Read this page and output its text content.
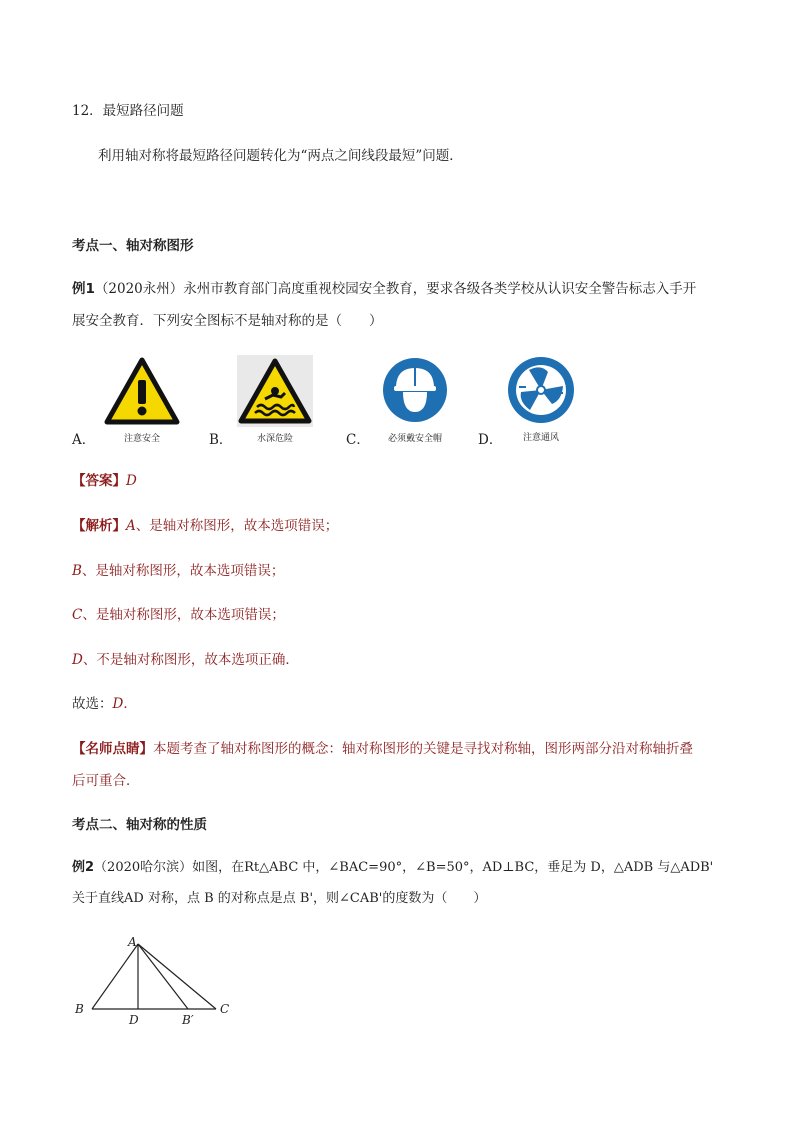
12．最短路径问题
利用轴对称将最短路径问题转化为“两点之间线段最短”问题．
考点一、轴对称图形
例1（2020永州）永州市教育部门高度重视校园安全教育，要求各级各类学校从认识安全警告标志入手开
展安全教育．下列安全图标不是轴对称的是（　　）
A．	注意安全	B．	水深危险	C．	必须戴安全帽	D．	注意通风
【答案】D
【解析】A、是轴对称图形，故本选项错误；
B、是轴对称图形，故本选项错误；
C、是轴对称图形，故本选项错误；
D、不是轴对称图形，故本选项正确．
故选：D．
【名师点睛】本题考查了轴对称图形的概念：轴对称图形的关键是寻找对称轴，图形两部分沿对称轴折叠
后可重合．
考点二、轴对称的性质
例2（2020哈尔滨）如图，在Rt△ABC 中，∠BAC=90°，∠B=50°，AD⊥BC，垂足为 D，△ADB 与△ADB'
关于直线AD 对称，点 B 的对称点是点 B'，则∠CAB'的度数为（　　）
A
B	C
D	B′
